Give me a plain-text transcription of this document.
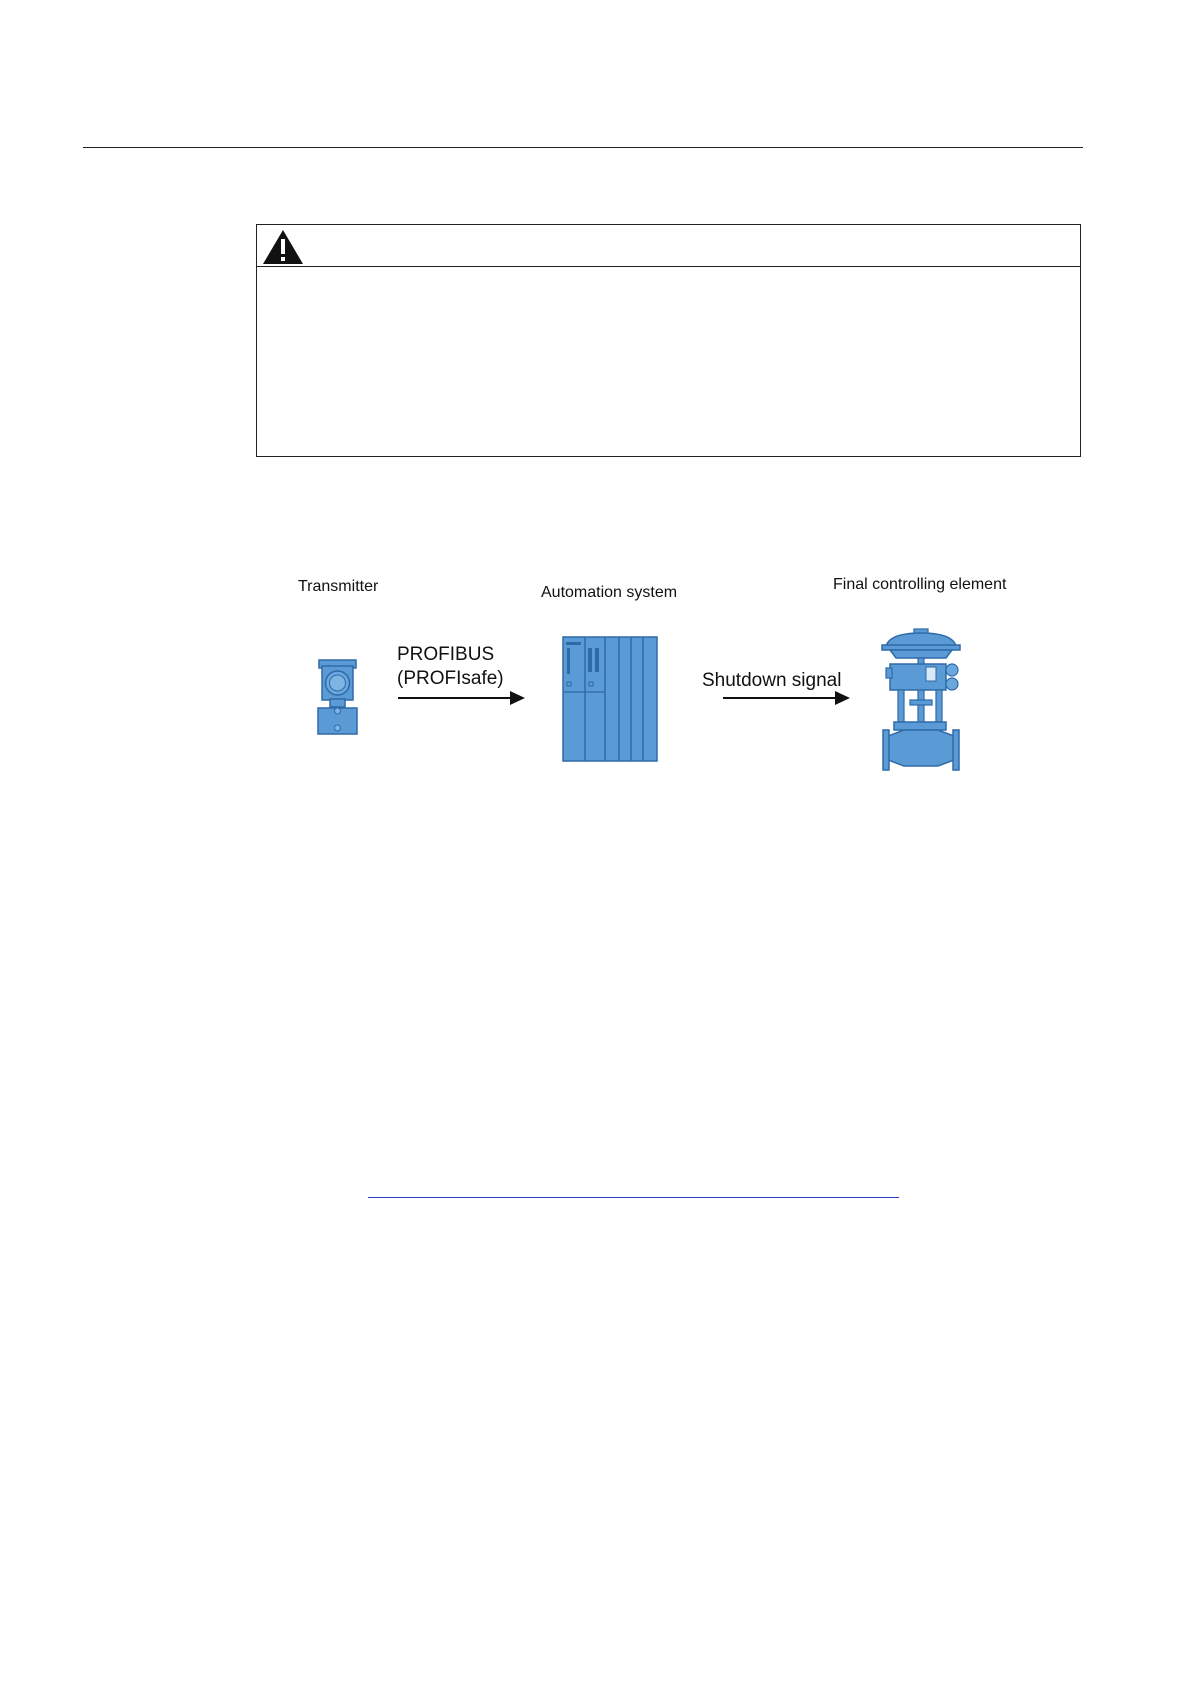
Transmitter	Automation system	Final controlling element
PROFIBUS
(PROFIsafe)	Shutdown signal
